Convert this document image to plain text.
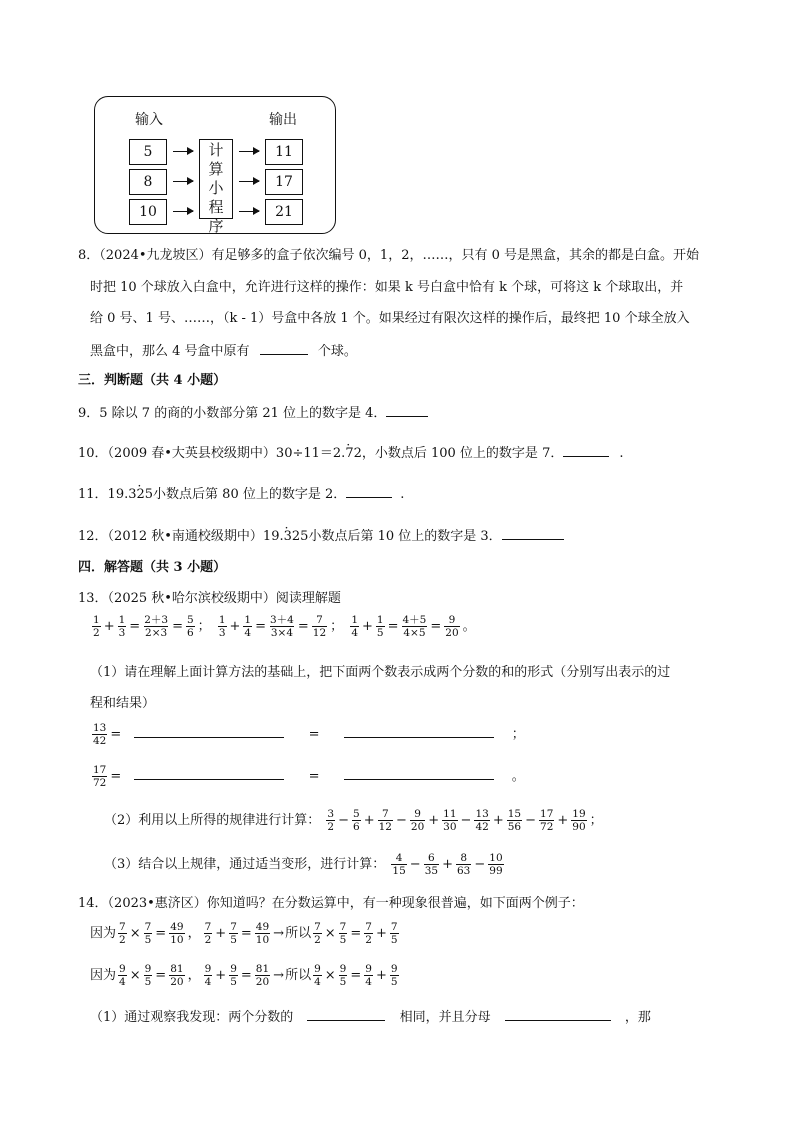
输入	输出
5
8
10
计算小程序
11
17
21
8．（2024•九龙坡区）有足够多的盒子依次编号 0，1，2，……，只有 0 号是黑盒，其余的都是白盒。开始
时把 10 个球放入白盒中，允许进行这样的操作：如果 k 号白盒中恰有 k 个球，可将这 k 个球取出，并
给 0 号、1 号、……，（k - 1）号盒中各放 1 个。如果经过有限次这样的操作后，最终把 10 个球全放入
黑盒中，那么 4 号盒中原有	个球。
三．判断题（共 4 小题）
9．5 除以 7 的商的小数部分第 21 位上的数字是 4．
10．（2009 春•大英县校级期中）30÷11＝2.· 72，小数点后 100 位上的数字是 7．	.
11．19.3· 25小数点后第 80 位上的数字是 2．	.
12．（2012 秋•南通校级期中）19.· 325小数点后第 10 位上的数字是 3．
四．解答题（共 3 小题）
13．（2025 秋•哈尔滨校级期中）阅读理解题
$\frac{1}{2} + \frac{1}{3} = \frac{2+3}{2\times 3} = \frac{5}{6}$ ； $\frac{1}{3} + \frac{1}{4} = \frac{3+4}{3\times 4} = \frac{7}{12}$ ； $\frac{1}{4} + \frac{1}{5} = \frac{4+5}{4\times 5} = \frac{9}{20}$ 。
（1）请在理解上面计算方法的基础上，把下面两个数表示成两个分数的和的形式（分别写出表示的过
程和结果）
$\frac{13}{42}$ =	=	；
$\frac{17}{72}$ =	=	。
（2）利用以上所得的规律进行计算： $\frac{3}{2} - \frac{5}{6} + \frac{7}{12} - \frac{9}{20} + \frac{11}{30} - \frac{13}{42} + \frac{15}{56} - \frac{17}{72} + \frac{19}{90}$ ；
（3）结合以上规律，通过适当变形，进行计算： $\frac{4}{15} - \frac{6}{35} + \frac{8}{63} - \frac{10}{99}$
14．（2023•惠济区）你知道吗？在分数运算中，有一种现象很普遍，如下面两个例子：
因为 $\frac{7}{2} \times \frac{7}{5} = \frac{49}{10}$ ， $\frac{7}{2} + \frac{7}{5} = \frac{49}{10}$ →所以 $\frac{7}{2} \times \frac{7}{5} = \frac{7}{2} + \frac{7}{5}$
因为 $\frac{9}{4} \times \frac{9}{5} = \frac{81}{20}$ ， $\frac{9}{4} + \frac{9}{5} = \frac{81}{20}$ →所以 $\frac{9}{4} \times \frac{9}{5} = \frac{9}{4} + \frac{9}{5}$
（1）通过观察我发现：两个分数的	相同，并且分母	，那
